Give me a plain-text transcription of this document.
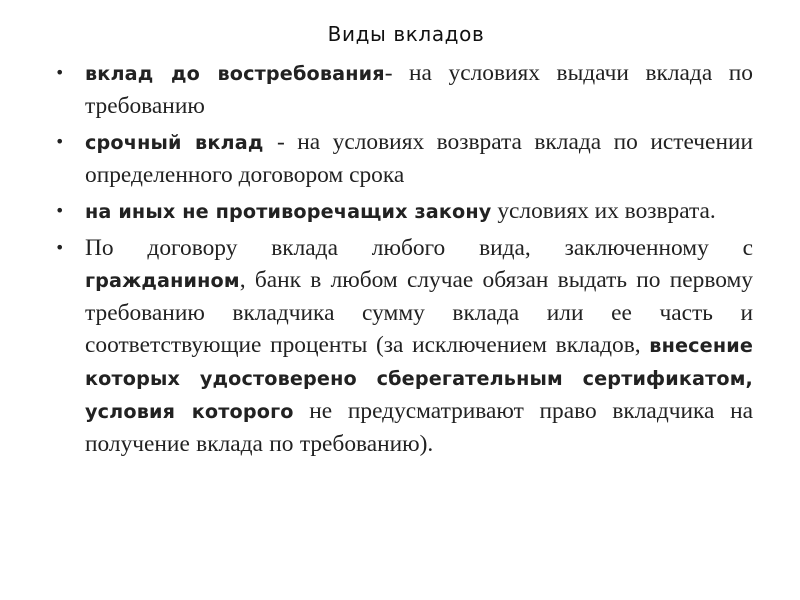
Виды вкладов
• вклад до востребования- на условиях выдачи вклада по требованию
• срочный вклад - на условиях возврата вклада по истечении определенного договором срока
• на иных не противоречащих закону условиях их возврата.
• По договору вклада любого вида, заключенному с гражданином, банк в любом случае обязан выдать по первому требованию вкладчика сумму вклада или ее часть и соответствующие проценты (за исключением вкладов, внесение которых удостоверено сберегательным сертификатом, условия которого не предусматривают право вкладчика на получение вклада по требованию).
